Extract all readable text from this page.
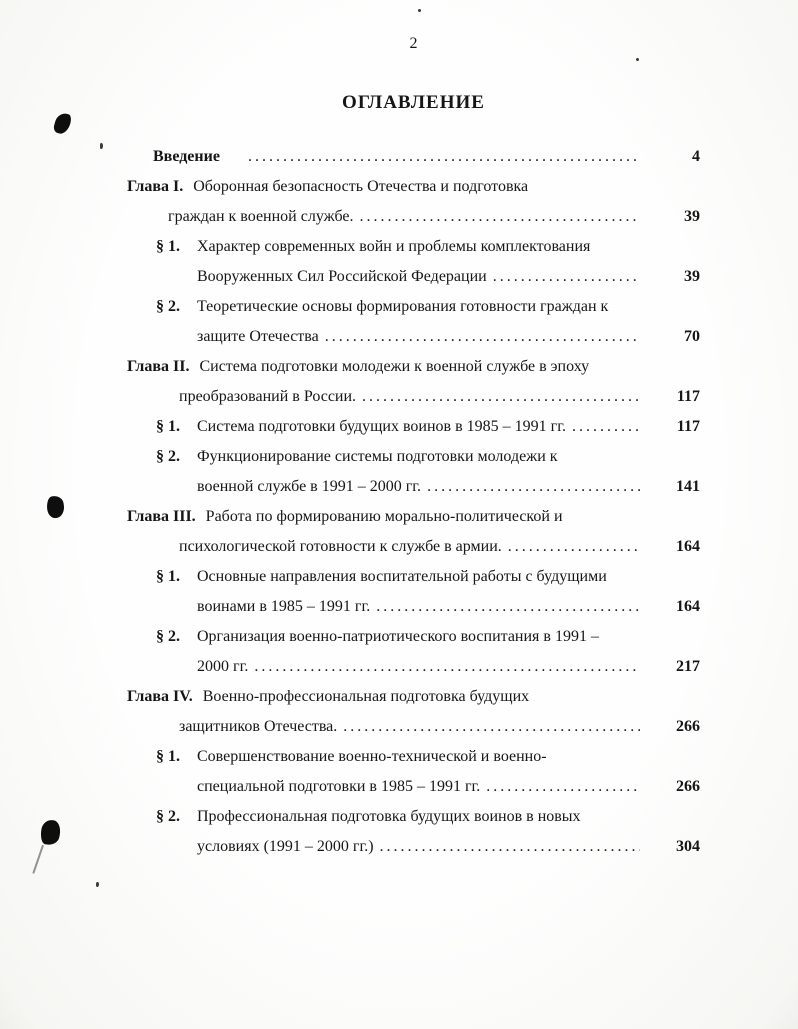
2
ОГЛАВЛЕНИЕ
Введение .....	4
Глава I. Оборонная безопасность Отечества и подготовка
граждан к военной службе. .....	39
§ 1.	Характер современных войн и проблемы комплектования
Вооруженных Сил Российской Федерации .....	39
§ 2.	Теоретические основы формирования готовности граждан к
защите Отечества .....	70
Глава II. Система подготовки молодежи к военной службе в эпоху
преобразований в России. .....	117
§ 1.	Система подготовки будущих воинов в 1985 – 1991 гг. .....	117
§ 2.	Функционирование системы подготовки молодежи к
военной службе в 1991 – 2000 гг. .....	141
Глава III. Работа по формированию морально-политической и
психологической готовности к службе в армии. .....	164
§ 1.	Основные направления воспитательной работы с будущими
воинами в 1985 – 1991 гг. .....	164
§ 2.	Организация военно-патриотического воспитания в 1991 –
2000 гг. .....	217
Глава IV. Военно-профессиональная подготовка будущих
защитников Отечества. .....	266
§ 1.	Совершенствование военно-технической и военно-
специальной подготовки в 1985 – 1991 гг. .....	266
§ 2.	Профессиональная подготовка будущих воинов в новых
условиях (1991 – 2000 гг.) .....	304
